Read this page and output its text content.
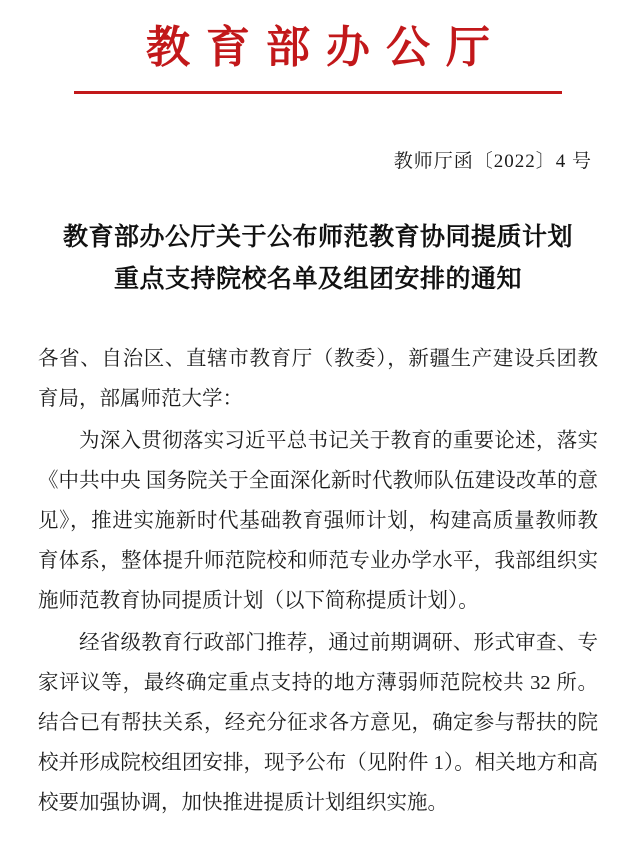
教育部办公厅
教师厅函〔2022〕4 号
教育部办公厅关于公布师范教育协同提质计划
重点支持院校名单及组团安排的通知

各省、自治区、直辖市教育厅（教委），新疆生产建设兵团教育局，部属师范大学：

为深入贯彻落实习近平总书记关于教育的重要论述，落实《中共中央 国务院关于全面深化新时代教师队伍建设改革的意见》，推进实施新时代基础教育强师计划，构建高质量教师教育体系，整体提升师范院校和师范专业办学水平，我部组织实施师范教育协同提质计划（以下简称提质计划）。

经省级教育行政部门推荐，通过前期调研、形式审查、专家评议等，最终确定重点支持的地方薄弱师范院校共 32 所。结合已有帮扶关系，经充分征求各方意见，确定参与帮扶的院校并形成院校组团安排，现予公布（见附件 1）。相关地方和高校要加强协调，加快推进提质计划组织实施。
